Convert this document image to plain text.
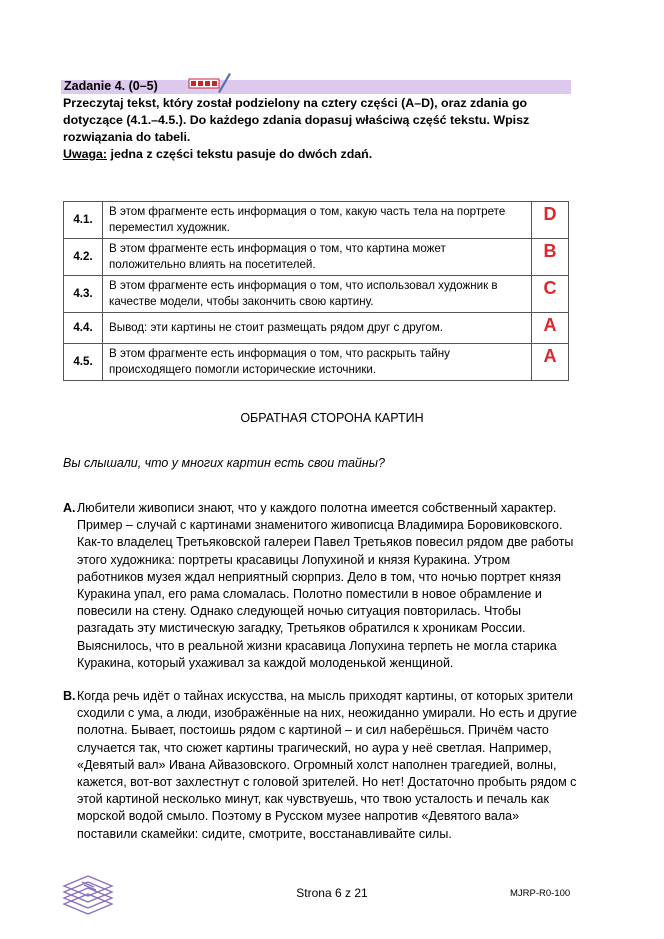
Zadanie 4. (0–5)
Przeczytaj tekst, który został podzielony na cztery części (A–D), oraz zdania go dotyczące (4.1.–4.5.). Do każdego zdania dopasuj właściwą część tekstu. Wpisz rozwiązania do tabeli.
Uwaga: jedna z części tekstu pasuje do dwóch zdań.
4.1.	В этом фрагменте есть информация о том, какую часть тела на портрете переместил художник.	D
4.2.	В этом фрагменте есть информация о том, что картина может положительно влиять на посетителей.	B
4.3.	В этом фрагменте есть информация о том, что использовал художник в качестве модели, чтобы закончить свою картину.	C
4.4.	Вывод: эти картины не стоит размещать рядом друг с другом.	A
4.5.	В этом фрагменте есть информация о том, что раскрыть тайну происходящего помогли исторические источники.	A
ОБРАТНАЯ СТОРОНА КАРТИН
Вы слышали, что у многих картин есть свои тайны?
A. Любители живописи знают, что у каждого полотна имеется собственный характер. Пример – случай с картинами знаменитого живописца Владимира Боровиковского. Как-то владелец Третьяковской галереи Павел Третьяков повесил рядом две работы этого художника: портреты красавицы Лопухиной и князя Куракина. Утром работников музея ждал неприятный сюрприз. Дело в том, что ночью портрет князя Куракина упал, его рама сломалась. Полотно поместили в новое обрамление и повесили на стену. Однако следующей ночью ситуация повторилась. Чтобы разгадать эту мистическую загадку, Третьяков обратился к хроникам России. Выяснилось, что в реальной жизни красавица Лопухина терпеть не могла старика Куракина, который ухаживал за каждой молоденькой женщиной.
B. Когда речь идёт о тайнах искусства, на мысль приходят картины, от которых зрители сходили с ума, а люди, изображённые на них, неожиданно умирали. Но есть и другие полотна. Бывает, постоишь рядом с картиной – и сил наберёшься. Причём часто случается так, что сюжет картины трагический, но аура у неё светлая. Например, «Девятый вал» Ивана Айвазовского. Огромный холст наполнен трагедией, волны, кажется, вот-вот захлестнут с головой зрителей. Но нет! Достаточно пробыть рядом с этой картиной несколько минут, как чувствуешь, что твою усталость и печаль как морской водой смыло. Поэтому в Русском музее напротив «Девятого вала» поставили скамейки: сидите, смотрите, восстанавливайте силы.
Strona 6 z 21	MJRP-R0-100
